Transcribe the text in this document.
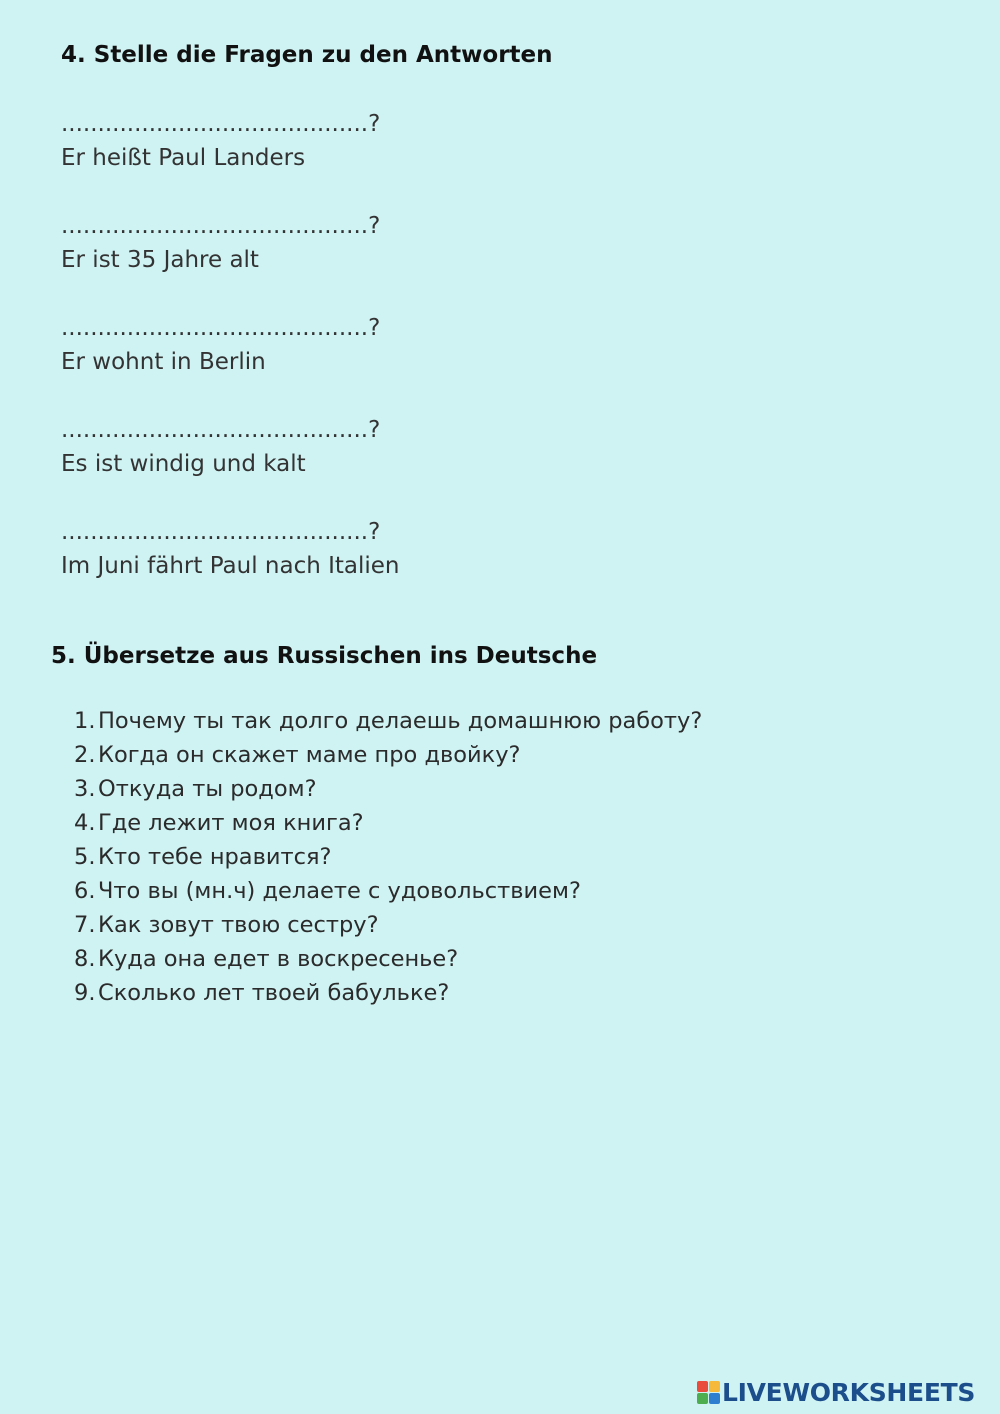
4. Stelle die Fragen zu den Antworten
..........................................?
Er heißt Paul Landers
..........................................?
Er ist 35 Jahre alt
..........................................?
Er wohnt in Berlin
..........................................?
Es ist windig und kalt
..........................................?
Im Juni fährt Paul nach Italien
5. Übersetze aus Russischen ins Deutsche
1. Почему ты так долго делаешь домашнюю работу?
2. Когда он скажет маме про двойку?
3. Откуда ты родом?
4. Где лежит моя книга?
5. Кто тебе нравится?
6. Что вы (мн.ч) делаете с удовольствием?
7. Как зовут твою сестру?
8. Куда она едет в воскресенье?
9. Сколько лет твоей бабульке?
LIVEWORKSHEETS
